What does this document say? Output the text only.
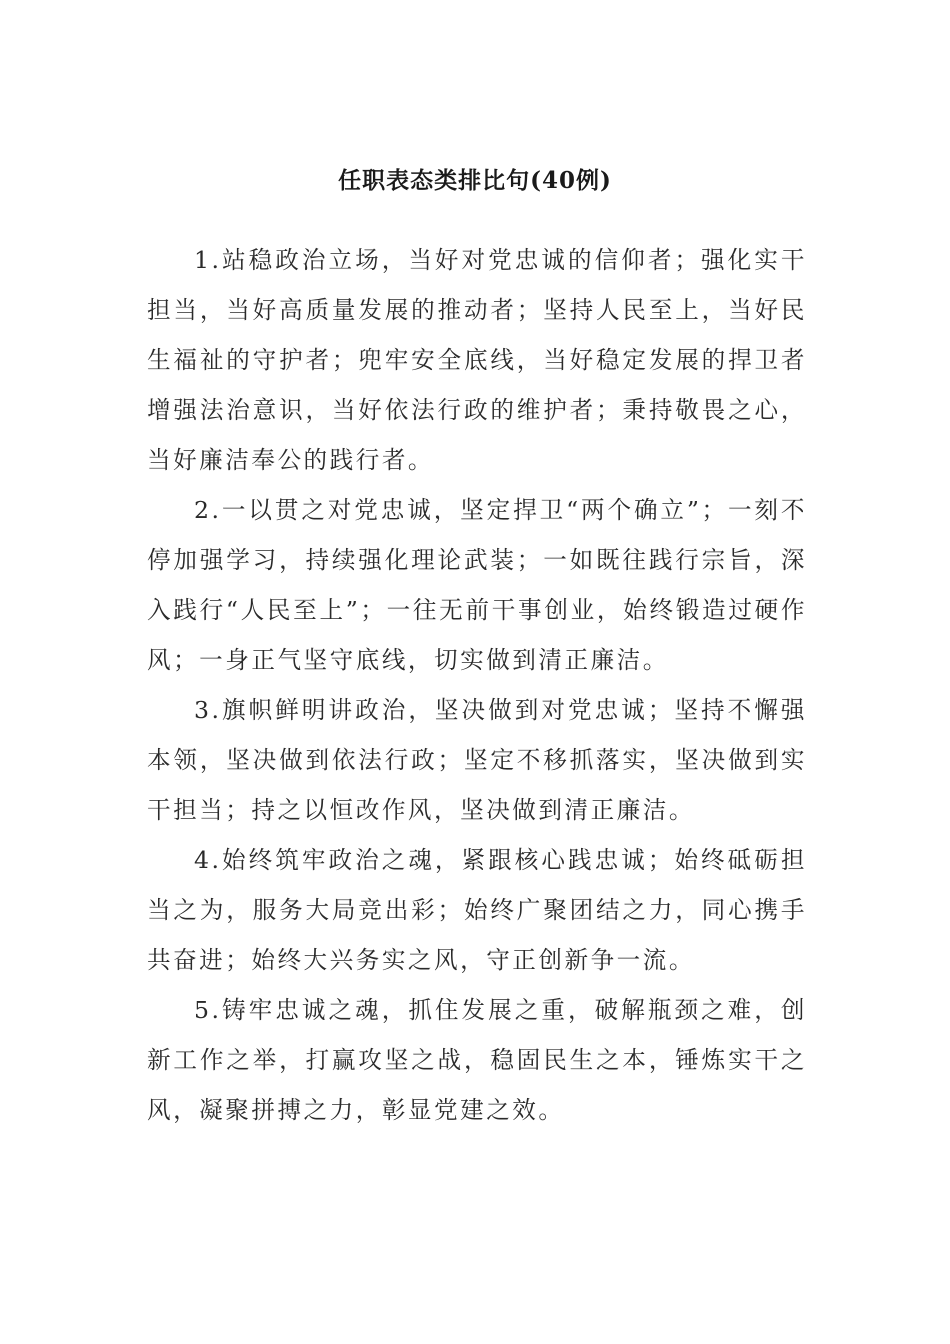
任职表态类排比句(40例)

1.站稳政治立场，当好对党忠诚的信仰者；强化实干担当，当好高质量发展的推动者；坚持人民至上，当好民生福祉的守护者；兜牢安全底线，当好稳定发展的捍卫者增强法治意识，当好依法行政的维护者；秉持敬畏之心，当好廉洁奉公的践行者。

2.一以贯之对党忠诚，坚定捍卫“两个确立”；一刻不停加强学习，持续强化理论武装；一如既往践行宗旨，深入践行“人民至上”；一往无前干事创业，始终锻造过硬作风；一身正气坚守底线，切实做到清正廉洁。

3.旗帜鲜明讲政治，坚决做到对党忠诚；坚持不懈强本领，坚决做到依法行政；坚定不移抓落实，坚决做到实干担当；持之以恒改作风，坚决做到清正廉洁。

4.始终筑牢政治之魂，紧跟核心践忠诚；始终砥砺担当之为，服务大局竞出彩；始终广聚团结之力，同心携手共奋进；始终大兴务实之风，守正创新争一流。

5.铸牢忠诚之魂，抓住发展之重，破解瓶颈之难，创新工作之举，打赢攻坚之战，稳固民生之本，锤炼实干之风，凝聚拼搏之力，彰显党建之效。
